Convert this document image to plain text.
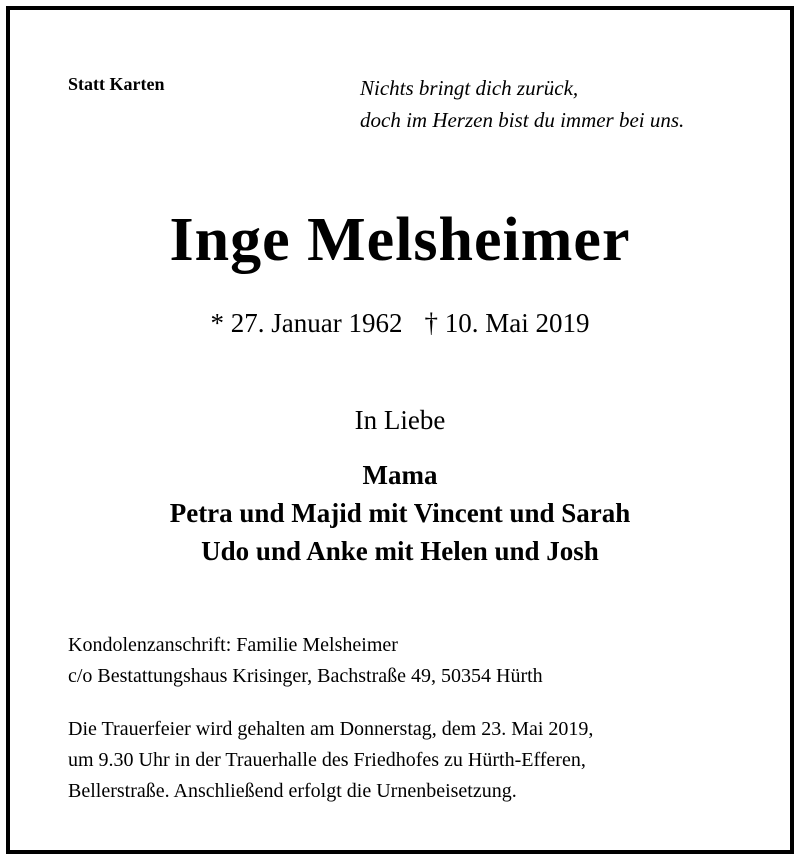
Statt Karten	Nichts bringt dich zurück,
doch im Herzen bist du immer bei uns.

Inge Melsheimer

* 27. Januar 1962 † 10. Mai 2019

In Liebe

Mama
Petra und Majid mit Vincent und Sarah
Udo und Anke mit Helen und Josh

Kondolenzanschrift: Familie Melsheimer
c/o Bestattungshaus Krisinger, Bachstraße 49, 50354 Hürth

Die Trauerfeier wird gehalten am Donnerstag, dem 23. Mai 2019,
um 9.30 Uhr in der Trauerhalle des Friedhofes zu Hürth-Efferen,
Bellerstraße. Anschließend erfolgt die Urnenbeisetzung.
